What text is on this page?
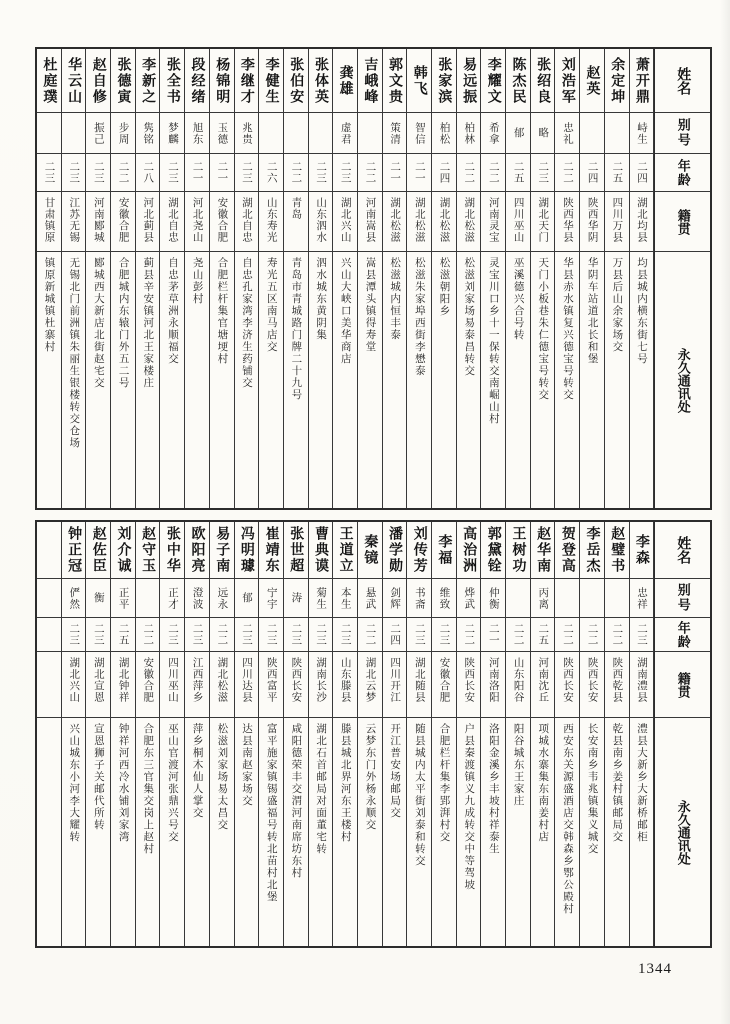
杜庭璞
二三
甘肃镇原
镇原新城镇杜寨村
华云山
二三
江苏无锡
无锡北门前洲镇朱丽生银楼转交仓场
赵自修
振己
二三
河南郾城
郾城西大新店北街赵宅交
张德寅
步周
二二
安徽合肥
合肥城内东辕门外五二号
李新之
隽铭
二八
河北蓟县
蓟县辛安镇河北王家楼庄
张全书
梦麟
二三
湖北自忠
自忠茅草洲永顺福交
段经绪
旭东
二一
河北尧山
尧山彭村
杨锦明
玉德
二一
安徽合肥
合肥栏杆集官塘埂村
李继才
兆贵
二三
湖北自忠
自忠孔家湾李济生药铺交
李健生
二六
山东寿光
寿光五区南马店交
张伯安
二二
青岛
青岛市青城路门牌二十九号
张体英
二三
山东泗水
泗水城东黄阴集
龚雄
虚君
二三
湖北兴山
兴山大峡口美华商店
吉峨峰
二二
河南嵩县
嵩县潭头镇得寿堂
郭文贵
策清
二一
湖北松滋
松滋城内恒丰泰
韩飞
智信
二一
湖北松滋
松滋朱家埠西街李懋泰
张家滨
柏松
二四
湖北松滋
松滋朝阳乡
易远振
柏林
二二
湖北松滋
松滋刘家场易泰昌转交
李耀文
希拿
二二
河南灵宝
灵宝川口乡十一保转交南崛山村
陈杰民
郁
二五
四川巫山
巫溪德兴合号转
张绍良
略
二三
湖北天门
天门小板巷朱仁德宝号转交
刘浩军
忠礼
二二
陕西华县
华县赤水镇复兴德宝号转交
赵英
二四
陕西华阴
华阴车站道北长和堡
余定坤
二五
四川万县
万县后山余家场交
萧开鼎
峙生
二四
湖北均县
均县城内横东街七号
姓名
别号
年龄
籍贯
永久通讯处
钟正冠
俨然
二三
湖北兴山
兴山城东小河李大耀转
赵佐臣
衡
二三
湖北宣恩
宣恩狮子关邮代所转
刘介诚
正平
二五
湖北钟祥
钟祥河西冷水铺刘家湾
赵守玉
二二
安徽合肥
合肥东三官集交岗上赵村
张中华
正才
二三
四川巫山
巫山官渡河张鼎兴号交
欧阳亮
澄波
二三
江西萍乡
萍乡桐木仙人掌交
易子南
远永
二二
湖北松滋
松滋刘家场易太昌交
冯明璩
郁
二三
四川达县
达县南赵家场交
崔靖东
宁宇
二三
陕西富平
富平施家镇锡盛福号转北苗村北堡
张世超
涛
二三
陕西长安
咸阳德荣丰交渭河南席坊东村
曹典谟
菊生
二三
湖南长沙
湖北石首邮局对面董宅转
王道立
本生
二三
山东滕县
滕县城北界河东王楼村
秦镜
悬武
二二
湖北云梦
云梦东门外杨永顺交
潘学勋
剑辉
二四
四川开江
开江普安场邮局交
刘传芳
书斋
二三
湖北随县
随县城内太平街刘泰和转交
李福
维致
二三
安徽合肥
合肥栏杆集李郢湃村交
高治洲
烨武
二二
陕西长安
户县秦渡镇义九成转交中等驾坡
郭黛铨
仲衡
二一
河南洛阳
洛阳金溪乡丰坡村祥泰生
王树功
二二
山东阳谷
阳谷城东王家庄
赵华南
丙离
二五
河南沈丘
项城水寨集东南姜村店
贺登高
二二
陕西长安
西安东关源盛酒店交韩森乡鄂公殿村
李岳杰
二二
陕西长安
长安南乡韦兆镇集义城交
赵璧书
二二
陕西乾县
乾县南乡姜村镇邮局交
李森
忠祥
二三
湖南澧县
澧县大新乡大新桥邮柜
姓名
别号
年龄
籍贯
永久通讯处
1344
